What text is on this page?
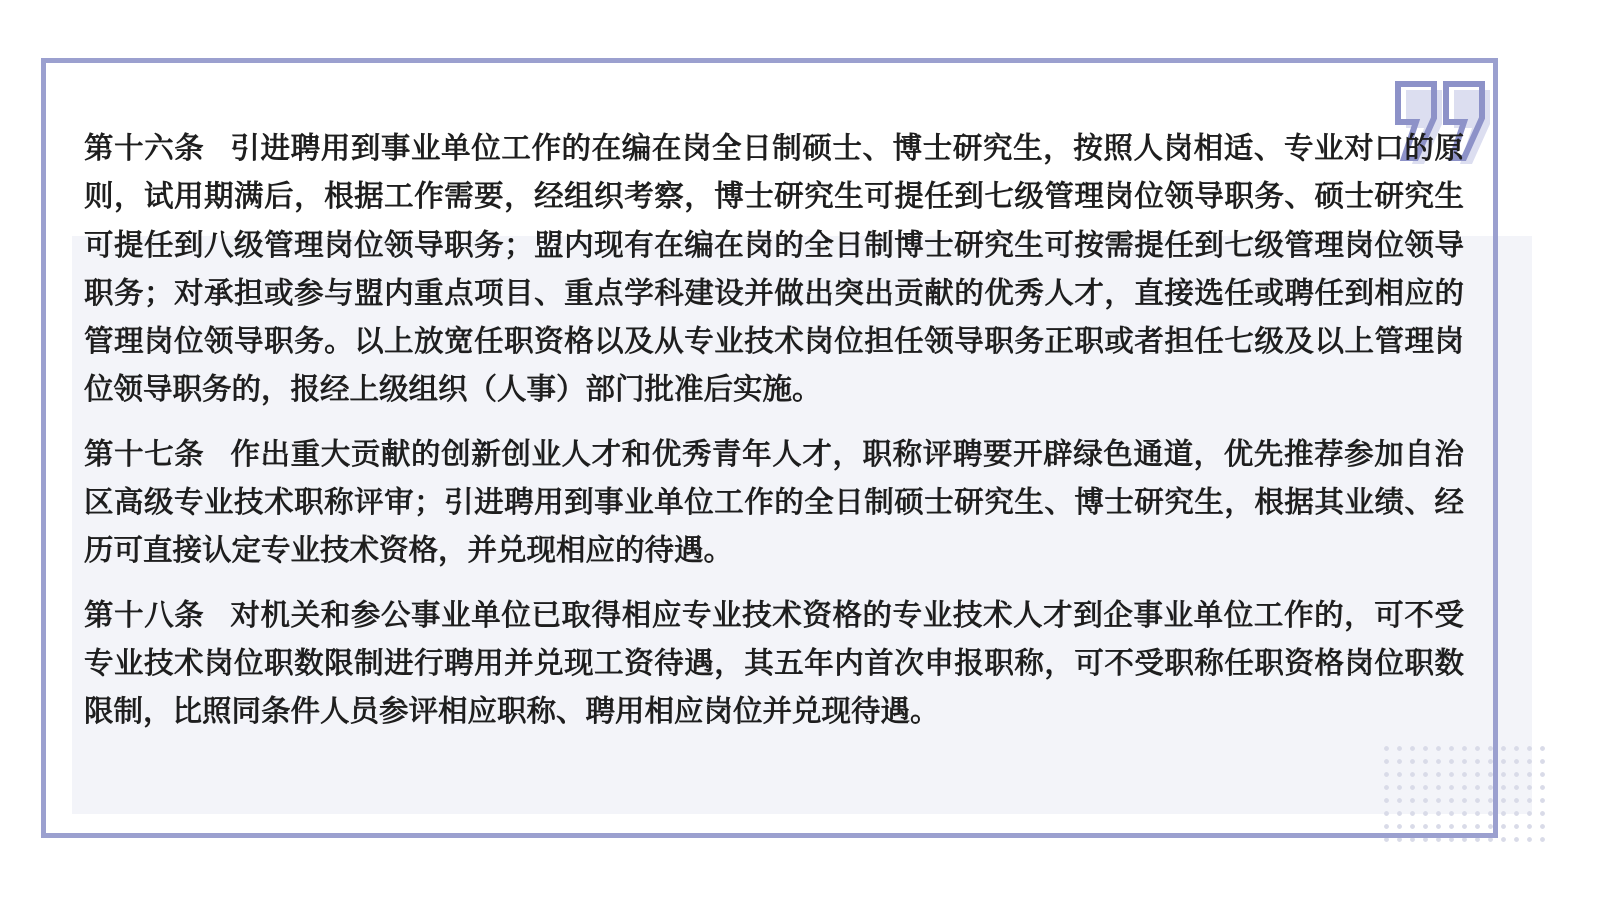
第十六条 引进聘用到事业单位工作的在编在岗全日制硕士、博士研究生，按照人岗相适、专业对口的原则，试用期满后，根据工作需要，经组织考察，博士研究生可提任到七级管理岗位领导职务、硕士研究生可提任到八级管理岗位领导职务；盟内现有在编在岗的全日制博士研究生可按需提任到七级管理岗位领导职务；对承担或参与盟内重点项目、重点学科建设并做出突出贡献的优秀人才，直接选任或聘任到相应的管理岗位领导职务。以上放宽任职资格以及从专业技术岗位担任领导职务正职或者担任七级及以上管理岗位领导职务的，报经上级组织（人事）部门批准后实施。

第十七条 作出重大贡献的创新创业人才和优秀青年人才，职称评聘要开辟绿色通道，优先推荐参加自治区高级专业技术职称评审；引进聘用到事业单位工作的全日制硕士研究生、博士研究生，根据其业绩、经历可直接认定专业技术资格，并兑现相应的待遇。

第十八条 对机关和参公事业单位已取得相应专业技术资格的专业技术人才到企事业单位工作的，可不受专业技术岗位职数限制进行聘用并兑现工资待遇，其五年内首次申报职称，可不受职称任职资格岗位职数限制，比照同条件人员参评相应职称、聘用相应岗位并兑现待遇。
